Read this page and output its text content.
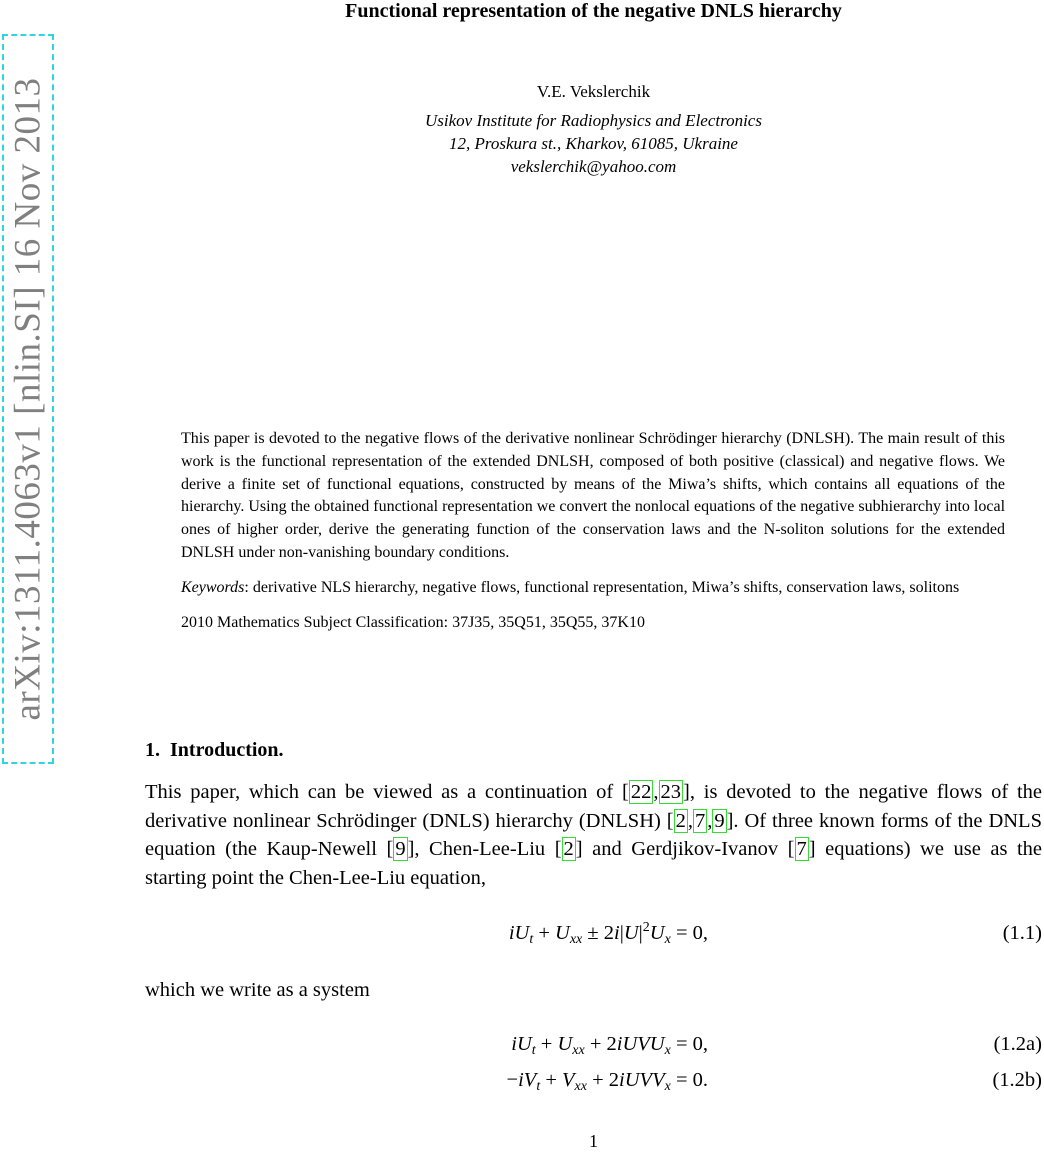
arXiv:1311.4063v1 [nlin.SI] 16 Nov 2013
Functional representation of the negative DNLS hierarchy
V.E. Vekslerchik
Usikov Institute for Radiophysics and Electronics
12, Proskura st., Kharkov, 61085, Ukraine
vekslerchik@yahoo.com

This paper is devoted to the negative flows of the derivative nonlinear Schrödinger hierarchy (DNLSH). The main result of this work is the functional representation of the extended DNLSH, composed of both positive (classical) and negative flows. We derive a finite set of functional equations, constructed by means of the Miwa’s shifts, which contains all equations of the hierarchy. Using the obtained functional representation we convert the nonlocal equations of the negative subhierarchy into local ones of higher order, derive the generating function of the conservation laws and the N-soliton solutions for the extended DNLSH under non-vanishing boundary conditions.

Keywords: derivative NLS hierarchy, negative flows, functional representation, Miwa’s shifts, conservation laws, solitons

2010 Mathematics Subject Classification: 37J35, 35Q51, 35Q55, 37K10

1. Introduction.
This paper, which can be viewed as a continuation of [22,23], is devoted to the negative flows of the derivative nonlinear Schrödinger (DNLS) hierarchy (DNLSH) [2,7,9]. Of three known forms of the DNLS equation (the Kaup-Newell [9], Chen-Lee-Liu [2] and Gerdjikov-Ivanov [7] equations) we use as the starting point the Chen-Lee-Liu equation,
$iU_t + U_{xx} \pm 2i|U|^2U_x = 0$,	(1.1)
which we write as a system
$iU_t + U_{xx}$ + 2iUVU$_x$ = 0,	(1.2a)
$-iV_t + V_{xx}$ + 2iUVV$_x$ = 0.	(1.2b)
1
